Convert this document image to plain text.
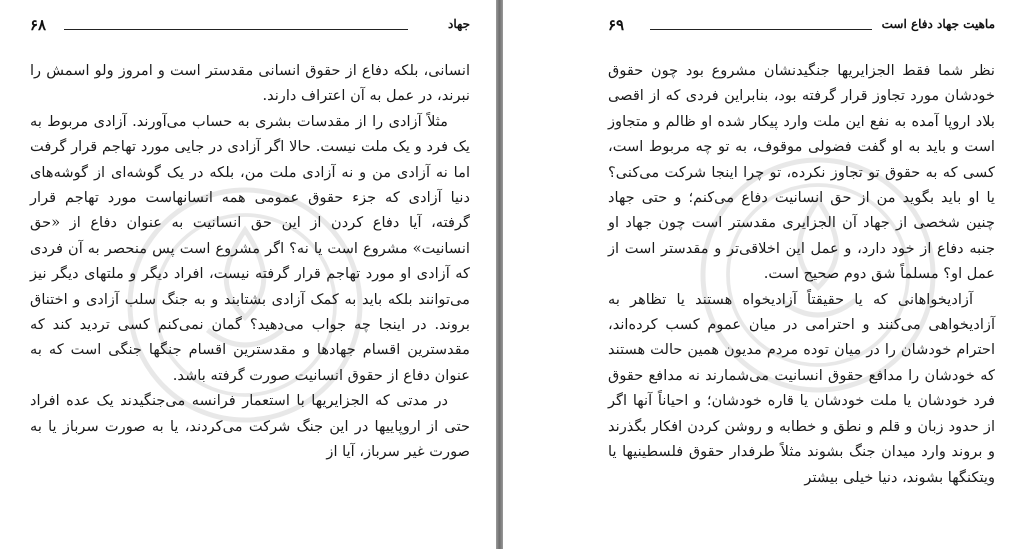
۶۸	جهاد

انسانی، بلکه دفاع از حقوق انسانی مقدستر است و امروز ولو اسمش را نبرند، در عمل به آن اعتراف دارند.

مثلاً آزادی را از مقدسات بشری به حساب می‌آورند. آزادی مربوط به یک فرد و یک ملت نیست. حالا اگر آزادی در جایی مورد تهاجم قرار گرفت اما نه آزادی من و نه آزادی ملت من، بلکه در یک گوشه‌ای از گوشه‌های دنیا آزادی که جزء حقوق عمومی همه انسانهاست مورد تهاجم قرار گرفته، آیا دفاع کردن از این حق انسانیت به عنوان دفاع از «حق انسانیت» مشروع است یا نه؟ اگر مشروع است پس منحصر به آن فردی که آزادی او مورد تهاجم قرار گرفته نیست، افراد دیگر و ملتهای دیگر نیز می‌توانند بلکه باید به کمک آزادی بشتابند و به جنگ سلب آزادی و اختناق بروند. در اینجا چه جواب می‌دهید؟ گمان نمی‌کنم کسی تردید کند که مقدسترین اقسام جهادها و مقدسترین اقسام جنگها جنگی است که به عنوان دفاع از حقوق انسانیت صورت گرفته باشد.

در مدتی که الجزایریها با استعمار فرانسه می‌جنگیدند یک عده افراد حتی از اروپاییها در این جنگ شرکت می‌کردند، یا به صورت سرباز یا به صورت غیر سرباز، آیا از

ماهیت جهاد دفاع است
۶۹

نظر شما فقط الجزایریها جنگیدنشان مشروع بود چون حقوق خودشان مورد تجاوز قرار گرفته بود، بنابراین فردی که از اقصی بلاد اروپا آمده به نفع این ملت وارد پیکار شده او ظالم و متجاوز است و باید به او گفت فضولی موقوف، به تو چه مربوط است، کسی که به حقوق تو تجاوز نکرده، تو چرا اینجا شرکت می‌کنی؟ یا او باید بگوید من از حق انسانیت دفاع می‌کنم؛ و حتی جهاد چنین شخصی از جهاد آن الجزایری مقدستر است چون جهاد او جنبه دفاع از خود دارد، و عمل این اخلاقی‌تر و مقدستر است از عمل او؟ مسلماً شق دوم صحیح است.

آزادیخواهانی که یا حقیقتاً آزادیخواه هستند یا تظاهر به آزادیخواهی می‌کنند و احترامی در میان عموم کسب کرده‌اند، احترام خودشان را در میان توده مردم مدیون همین حالت هستند که خودشان را مدافع حقوق انسانیت می‌شمارند نه مدافع حقوق فرد خودشان یا ملت خودشان یا قاره خودشان؛ و احیاناً آنها اگر از حدود زبان و قلم و نطق و خطابه و روشن کردن افکار بگذرند و بروند وارد میدان جنگ بشوند مثلاً طرفدار حقوق فلسطینیها یا ویتکنگها بشوند، دنیا خیلی بیشتر
